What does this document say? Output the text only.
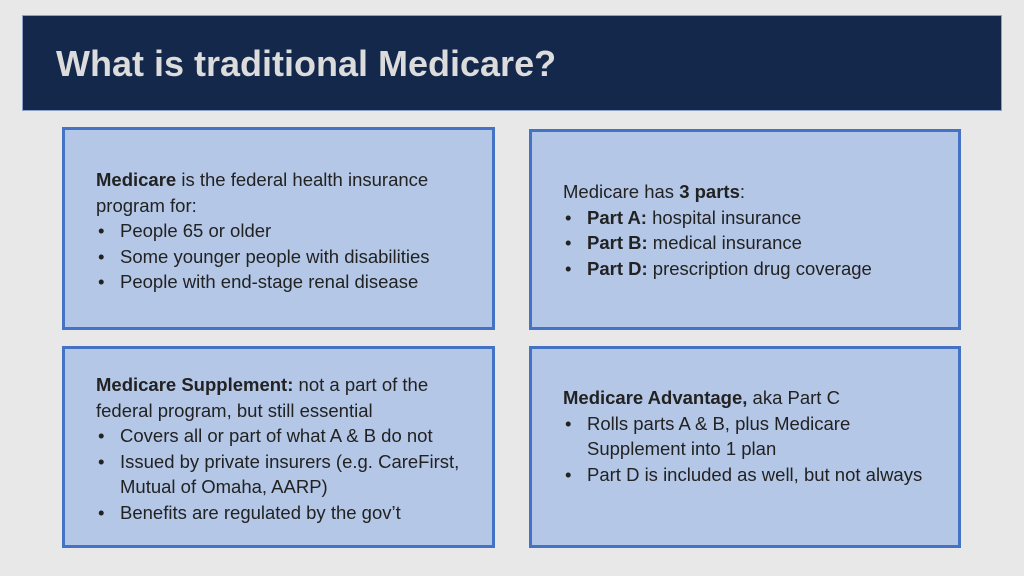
What is traditional Medicare?

Medicare is the federal health insurance program for:

• People 65 or older
• Some younger people with disabilities
• People with end-stage renal disease

Medicare has 3 parts:

• Part A: hospital insurance
• Part B: medical insurance
• Part D: prescription drug coverage

Medicare Supplement: not a part of the federal program, but still essential

• Covers all or part of what A & B do not
• Issued by private insurers (e.g. CareFirst, Mutual of Omaha, AARP)
• Benefits are regulated by the gov’t

Medicare Advantage, aka Part C

• Rolls parts A & B, plus Medicare Supplement into 1 plan
• Part D is included as well, but not always
